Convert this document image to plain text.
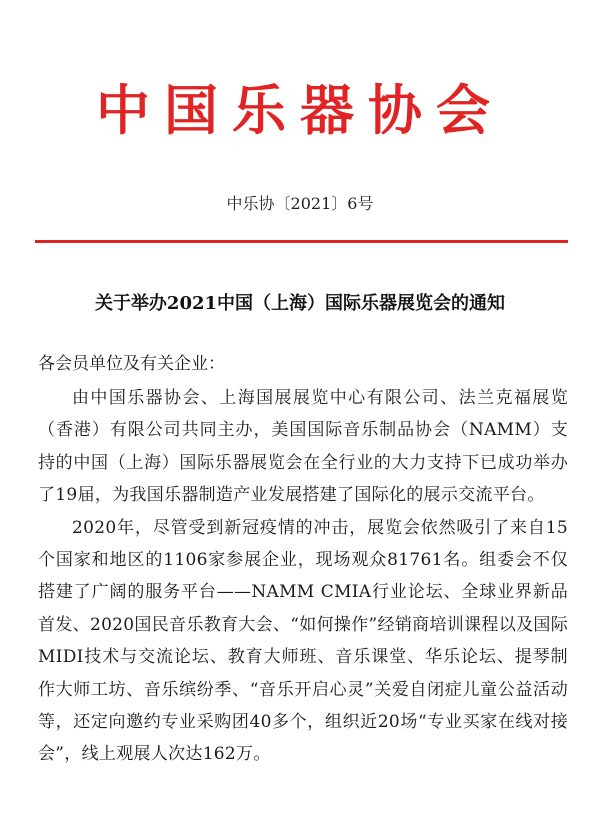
中国乐器协会
中乐协〔2021〕6号
关于举办2021中国（上海）国际乐器展览会的通知
各会员单位及有关企业：

由中国乐器协会、上海国展展览中心有限公司、法兰克福展览（香港）有限公司共同主办，美国国际音乐制品协会（NAMM）支持的中国（上海）国际乐器展览会在全行业的大力支持下已成功举办了19届，为我国乐器制造产业发展搭建了国际化的展示交流平台。

2020年，尽管受到新冠疫情的冲击，展览会依然吸引了来自15个国家和地区的1106家参展企业，现场观众81761名。组委会不仅搭建了广阔的服务平台——NAMM CMIA行业论坛、全球业界新品首发、2020国民音乐教育大会、“如何操作”经销商培训课程以及国际MIDI技术与交流论坛、教育大师班、音乐课堂、华乐论坛、提琴制作大师工坊、音乐缤纷季、“音乐开启心灵”关爱自闭症儿童公益活动等，还定向邀约专业采购团40多个，组织近20场“专业买家在线对接会”，线上观展人次达162万。
